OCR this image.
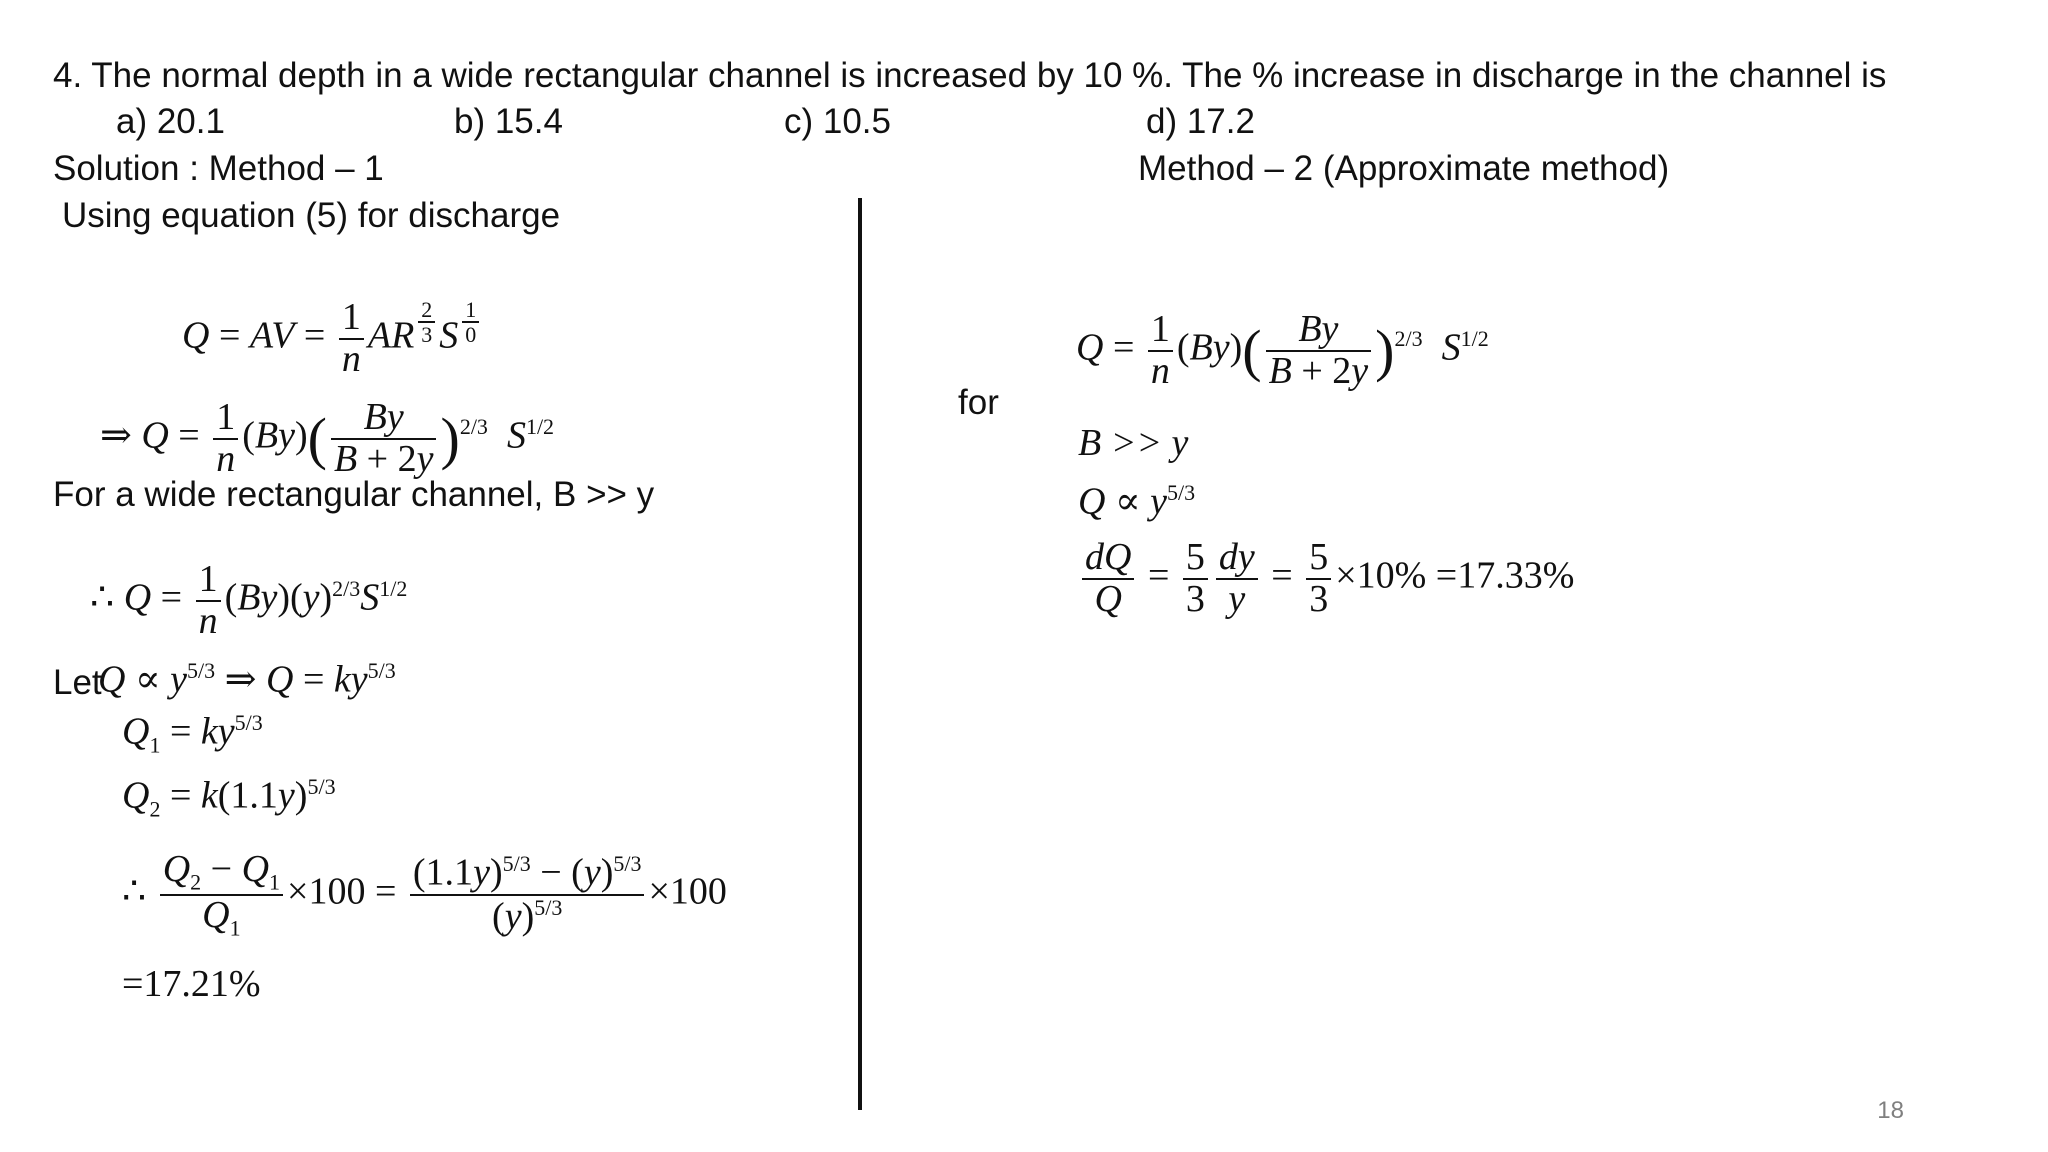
4. The normal depth in a wide rectangular channel is increased by 10 %. The % increase in discharge in the channel is
a) 20.1	b) 15.4	c) 10.5	d) 17.2
Solution : Method – 1	Method – 2 (Approximate method)
Using equation (5) for discharge
Q = AV = $\frac{1}{n}$ AR $\frac{2}{3}$ S $\frac{1}{0}$
⇒ $Q = \frac{1}{n} (By)( \frac{By}{B + 2y} )^{2/3}$ $S^{1/2}$
For a wide rectangular channel, B >> y
∴ $Q = \frac{1}{n} (By)(y)^{2/3}S^{1/2}$
Let
$Q \propto y^{5/3}$ ⇒ $Q = ky^{5/3}$
$Q_1 = ky^{5/3}$
$Q_2 = k(1.1y)^{5/3}$
∴ $\frac{Q_2 - Q_1}{Q_1} \times 100 = \frac{(1.1y)^{5/3} - (y)^{5/3}}{(y)^{5/3}} \times 100$
=17.21%
for
$Q = \frac{1}{n} (By)( \frac{By}{B + 2y} )^{2/3}$ $S^{1/2}$
B >> y
$Q \propto y^{5/3}$
$\frac{dQ}{Q} = \frac{5}{3} \frac{dy}{y} = \frac{5}{3} \times 10\% =17.33\%$
18
